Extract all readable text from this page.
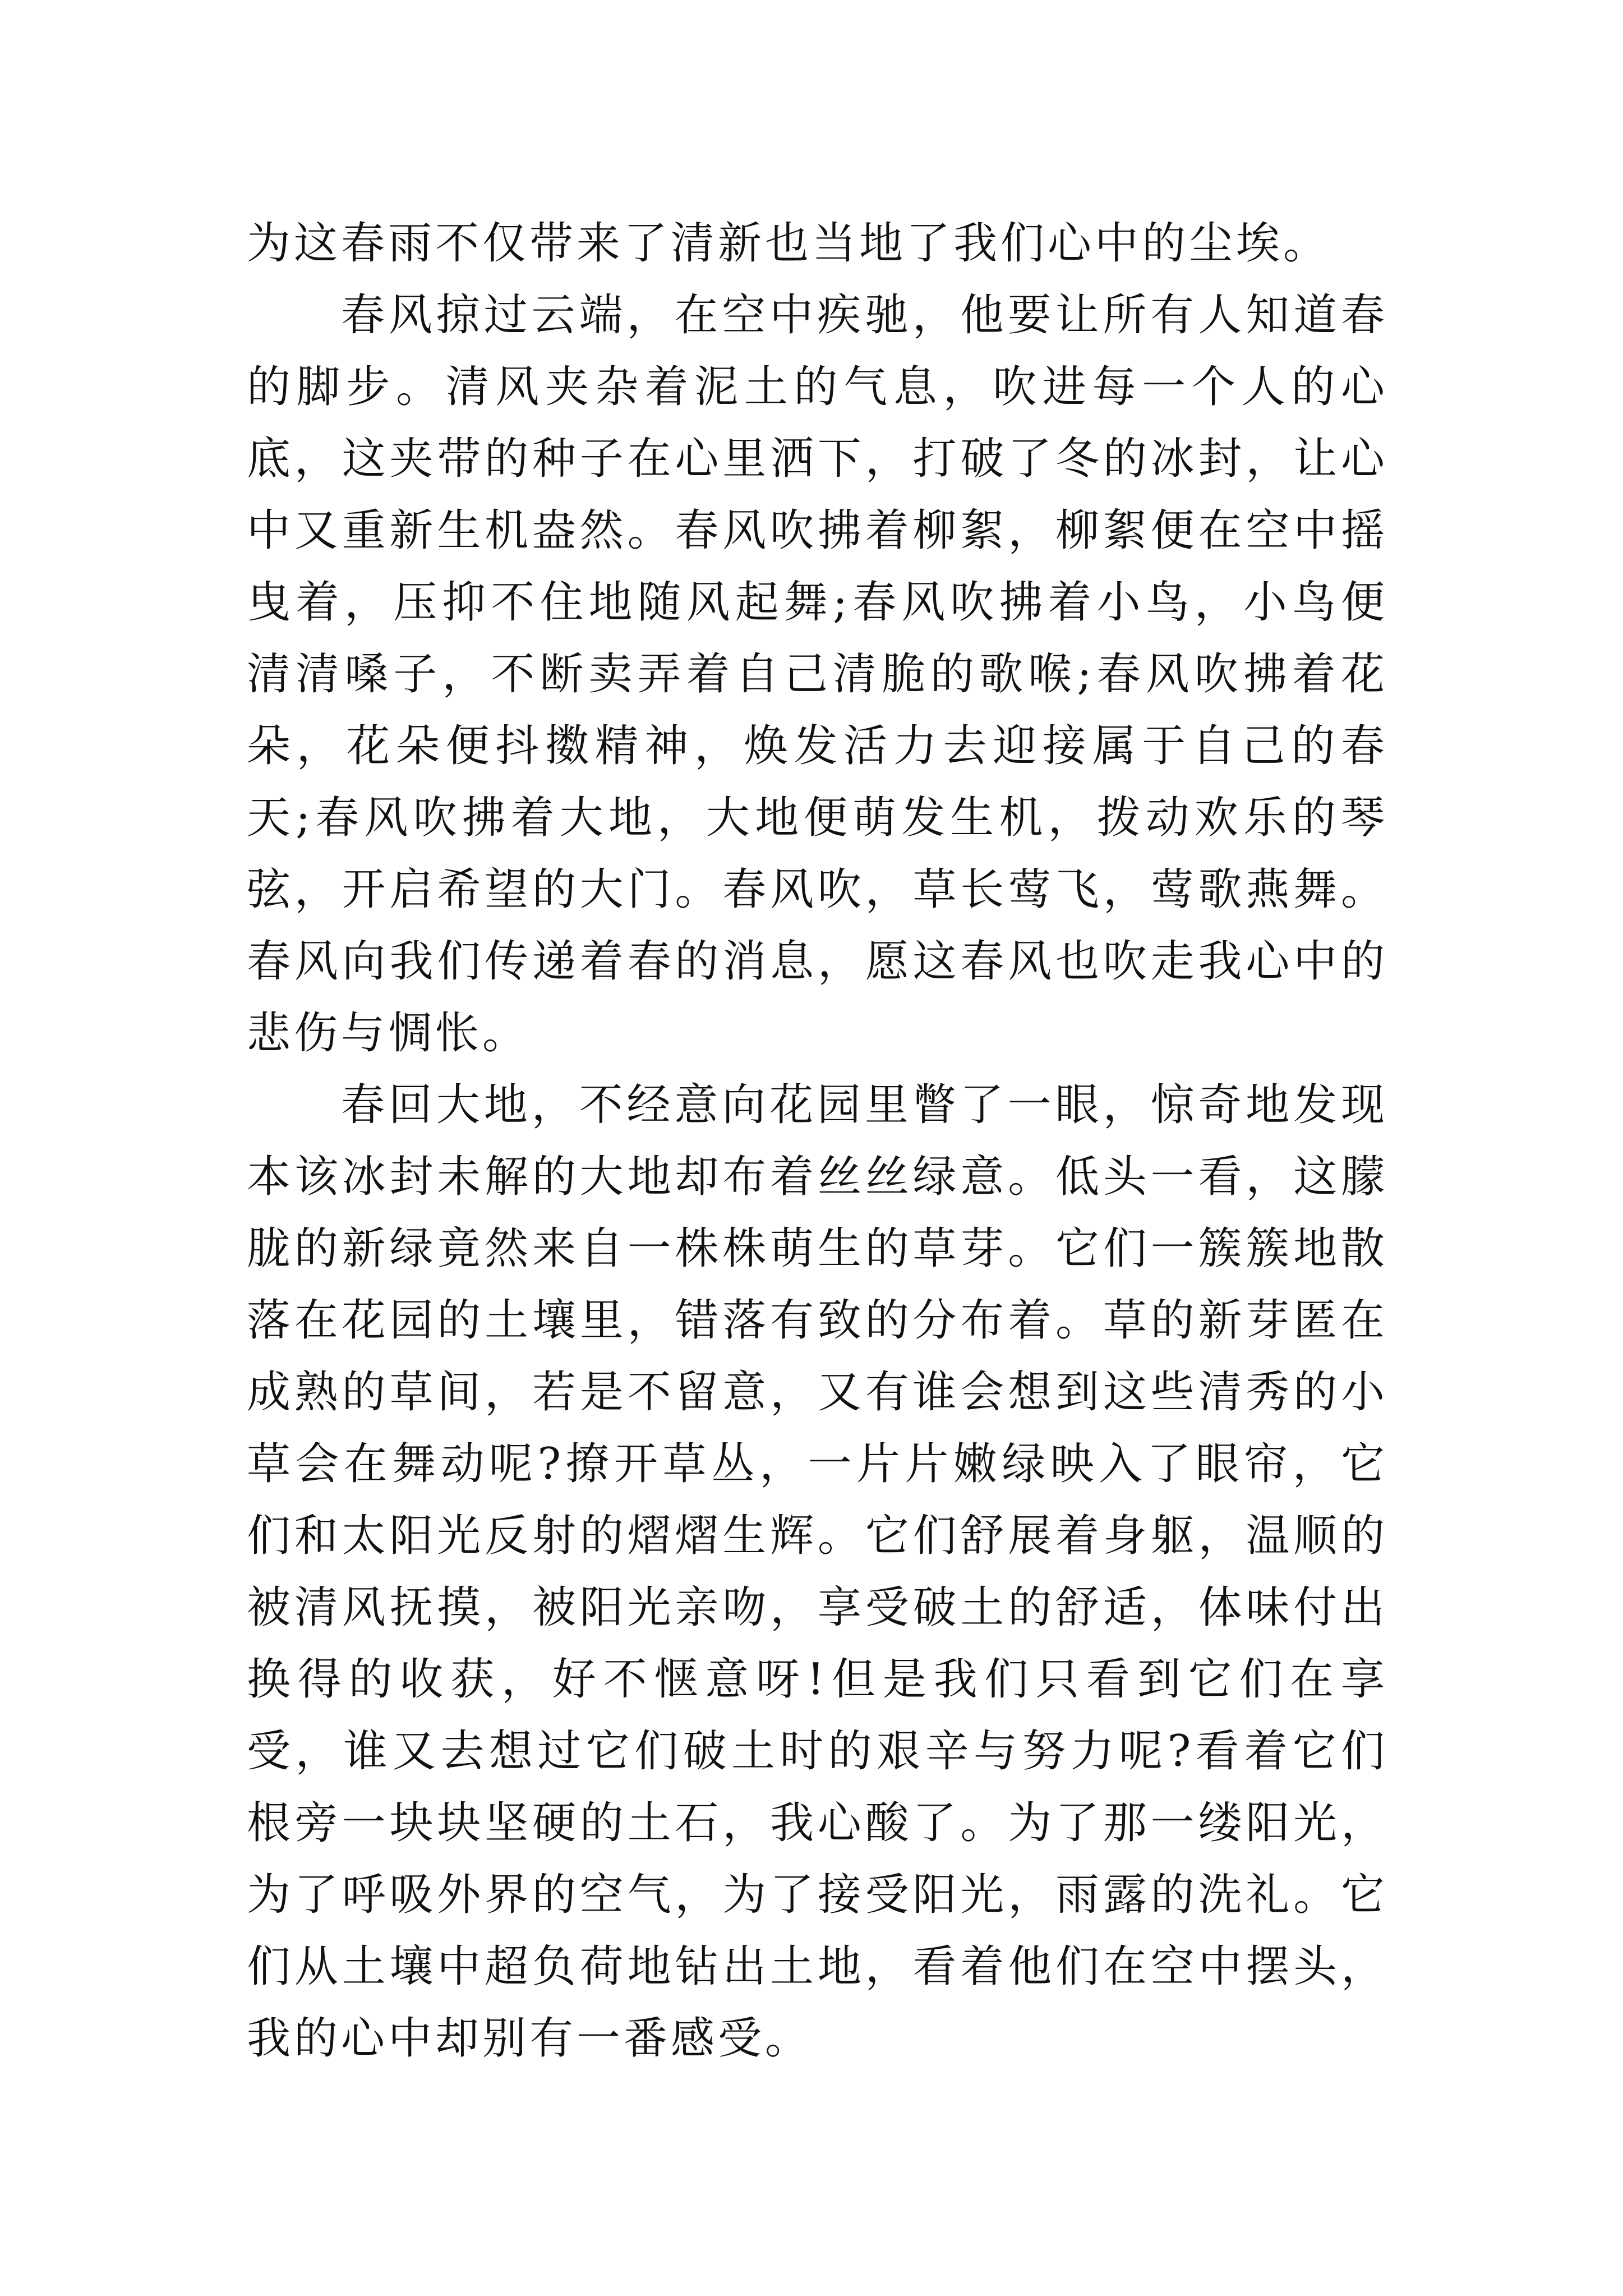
为这春雨不仅带来了清新也当地了我们心中的尘埃。

春风掠过云端，在空中疾驰，他要让所有人知道春的脚步。清风夹杂着泥土的气息，吹进每一个人的心底，这夹带的种子在心里洒下，打破了冬的冰封，让心中又重新生机盎然。春风吹拂着柳絮，柳絮便在空中摇曳着，压抑不住地随风起舞;春风吹拂着小鸟，小鸟便清清嗓子，不断卖弄着自己清脆的歌喉;春风吹拂着花朵，花朵便抖擞精神，焕发活力去迎接属于自己的春天;春风吹拂着大地，大地便萌发生机，拨动欢乐的琴弦，开启希望的大门。春风吹，草长莺飞，莺歌燕舞。春风向我们传递着春的消息，愿这春风也吹走我心中的悲伤与惆怅。

春回大地，不经意向花园里瞥了一眼，惊奇地发现本该冰封未解的大地却布着丝丝绿意。低头一看，这朦胧的新绿竟然来自一株株萌生的草芽。它们一簇簇地散落在花园的土壤里，错落有致的分布着。草的新芽匿在成熟的草间，若是不留意，又有谁会想到这些清秀的小草会在舞动呢?撩开草丛，一片片嫩绿映入了眼帘，它们和太阳光反射的熠熠生辉。它们舒展着身躯，温顺的被清风抚摸，被阳光亲吻，享受破土的舒适，体味付出换得的收获，好不惬意呀!但是我们只看到它们在享受，谁又去想过它们破土时的艰辛与努力呢?看着它们根旁一块块坚硬的土石，我心酸了。为了那一缕阳光，为了呼吸外界的空气，为了接受阳光，雨露的洗礼。它们从土壤中超负荷地钻出土地，看着他们在空中摆头，我的心中却别有一番感受。
